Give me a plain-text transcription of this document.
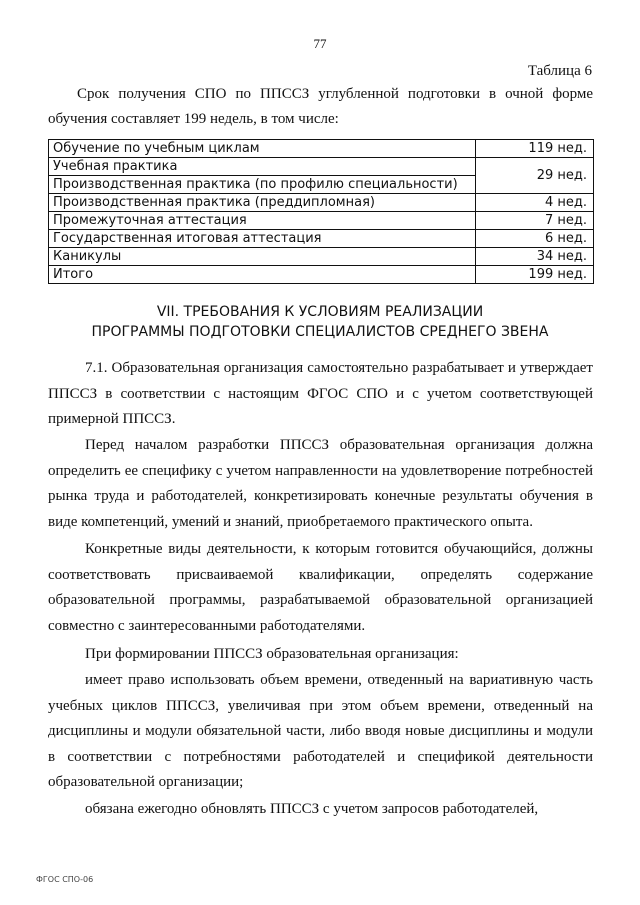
77
Таблица 6

Срок получения СПО по ППССЗ углубленной подготовки в очной форме обучения составляет 199 недель, в том числе:

Обучение по учебным циклам	119 нед.
Учебная практика	29 нед.
Производственная практика (по профилю специальности)	
Производственная практика (преддипломная)	4 нед.
Промежуточная аттестация	7 нед.
Государственная итоговая аттестация	6 нед.
Каникулы	34 нед.
Итого	199 нед.
VII. ТРЕБОВАНИЯ К УСЛОВИЯМ РЕАЛИЗАЦИИ
ПРОГРАММЫ ПОДГОТОВКИ СПЕЦИАЛИСТОВ СРЕДНЕГО ЗВЕНА

7.1. Образовательная организация самостоятельно разрабатывает и утверждает ППССЗ в соответствии с настоящим ФГОС СПО и с учетом соответствующей примерной ППССЗ.

Перед началом разработки ППССЗ образовательная организация должна определить ее специфику с учетом направленности на удовлетворение потребностей рынка труда и работодателей, конкретизировать конечные результаты обучения в виде компетенций, умений и знаний, приобретаемого практического опыта.

Конкретные виды деятельности, к которым готовится обучающийся, должны соответствовать присваиваемой квалификации, определять содержание образовательной программы, разрабатываемой образовательной организацией совместно с заинтересованными работодателями.

При формировании ППССЗ образовательная организация:

имеет право использовать объем времени, отведенный на вариативную часть учебных циклов ППССЗ, увеличивая при этом объем времени, отведенный на дисциплины и модули обязательной части, либо вводя новые дисциплины и модули в соответствии с потребностями работодателей и спецификой деятельности образовательной организации;

обязана ежегодно обновлять ППССЗ с учетом запросов работодателей,

ФГОС СПО-06
